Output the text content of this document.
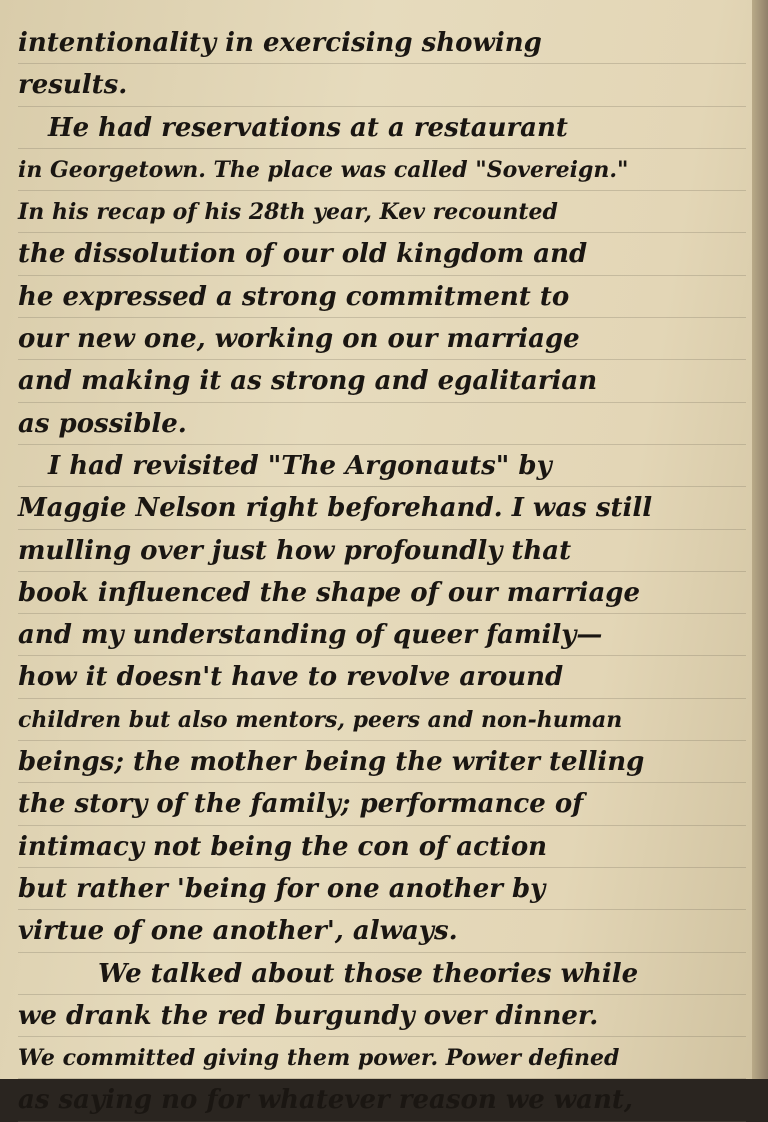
intentionality in exercising showing
results.
He had reservations at a restaurant
in Georgetown. The place was called "Sovereign."
In his recap of his 28th year, Kev recounted
the dissolution of our old kingdom and
he expressed a strong commitment to
our new one, working on our marriage
and making it as strong and egalitarian
as possible.
I had revisited "The Argonauts" by
Maggie Nelson right beforehand. I was still
mulling over just how profoundly that
book influenced the shape of our marriage
and my understanding of queer family—
how it doesn't have to revolve around
children but also mentors, peers and non-human
beings; the mother being the writer telling
the story of the family; performance of
intimacy not being the con of action
but rather 'being for one another by
virtue of one another', always.
We talked about those theories while
we drank the red burgundy over dinner.
We committed giving them power. Power defined
as saying no for whatever reason we want,
